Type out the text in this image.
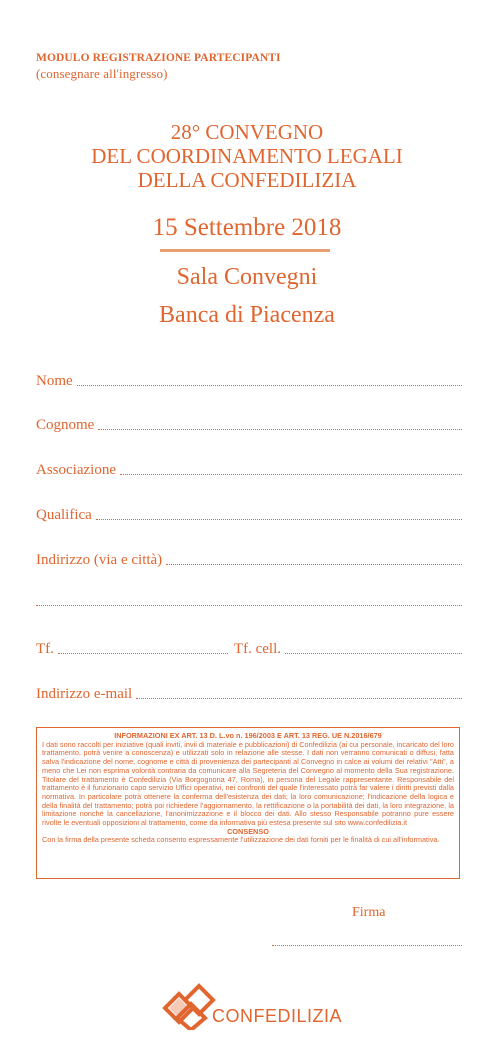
MODULO REGISTRAZIONE PARTECIPANTI
(consegnare all'ingresso)
28° CONVEGNO
DEL COORDINAMENTO LEGALI
DELLA CONFEDILIZIA
15 Settembre 2018
Sala Convegni
Banca di Piacenza
Nome
Cognome
Associazione
Qualifica
Indirizzo (via e città)
Tf.	Tf. cell.
Indirizzo e-mail
INFORMAZIONI EX ART. 13 D. L.vo n. 196/2003 E ART. 13 REG. UE N.2016/679

I dati sono raccolti per iniziative (quali inviti, invii di materiale e pubblicazioni) di Confedilizia (ai cui personale, incaricato del loro trattamento, potrà venire a conoscenza) e utilizzati solo in relazione alle stesse. I dati non verranno comunicati o diffusi, fatta salva l'indicazione del nome, cognome e città di provenienza dei partecipanti al Convegno in calce ai volumi dei relativi "Atti", a meno che Lei non esprima volontà contraria da comunicare alla Segreteria del Convegno al momento della Sua registrazione. Titolare del trattamento è Confedilizia (Via Borgognona 47, Roma), in persona del Legale rappresentante. Responsabile del trattamento è il funzionario capo servizio Uffici operativi, nei confronti del quale l'interessato potrà far valere i diritti previsti dalla normativa. In particolare potrà ottenere la conferma dell'esistenza dei dati; la loro comunicazione; l'indicazione della logica e della finalità del trattamento; potrà poi richiedere l'aggiornamento, la rettificazione o la portabilità dei dati, la loro integrazione, la limitazione nonché la cancellazione, l'anonimizzazione e il blocco dei dati. Allo stesso Responsabile potranno pure essere rivolte le eventuali opposizioni al trattamento, come da informativa più estesa presente sul sito www.confedilizia.it

CONSENSO

Con la firma della presente scheda consento espressamente l'utilizzazione dei dati forniti per le finalità di cui all'informativa.

Firma
CONFEDILIZIA
